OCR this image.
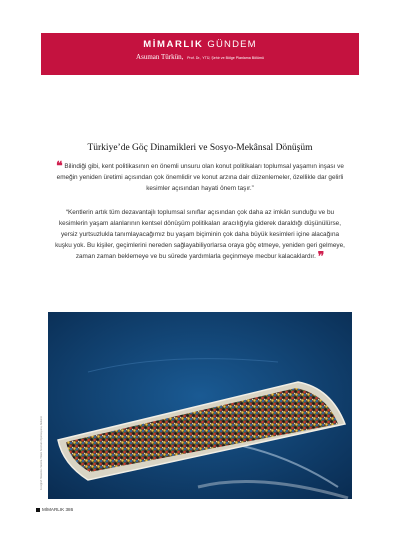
MİMARLIK GÜNDEM
Asuman Türkün, Prof. Dr., YTÜ, Şehir ve Bölge Planlama Bölümü
Türkiye’de Göç Dinamikleri ve Sosyo-Mekânsal Dönüşüm

❝ Bilindiği gibi, kent politikasının en önemli unsuru olan konut politikaları toplumsal yaşamın inşası ve emeğin yeniden üretimi açısından çok önemlidir ve konut arzına dair düzenlemeler, özellikle dar gelirli kesimler açısından hayati önem taşır.”

“Kentlerin artık tüm dezavantajlı toplumsal sınıflar açısından çok daha az imkân sunduğu ve bu kesimlerin yaşam alanlarının kentsel dönüşüm politikaları aracılığıyla giderek daraldığı düşünülürse, yersiz yurtsuzlukla tanımlayacağımız bu yaşam biçiminin çok daha büyük kesimleri içine alacağına kuşku yok. Bu kişiler, geçimlerini nereden sağlayabiliyorlarsa oraya göç etmeye, yeniden geri gelmeye, zaman zaman beklemeye ve bu sürede yardımlarla geçinmeye mecbur kalacaklardır. ❞

Fotoğraf: Massimo Sestini / Mare Nostrum Operasyonu, Akdeniz
MİMARLIK 386
